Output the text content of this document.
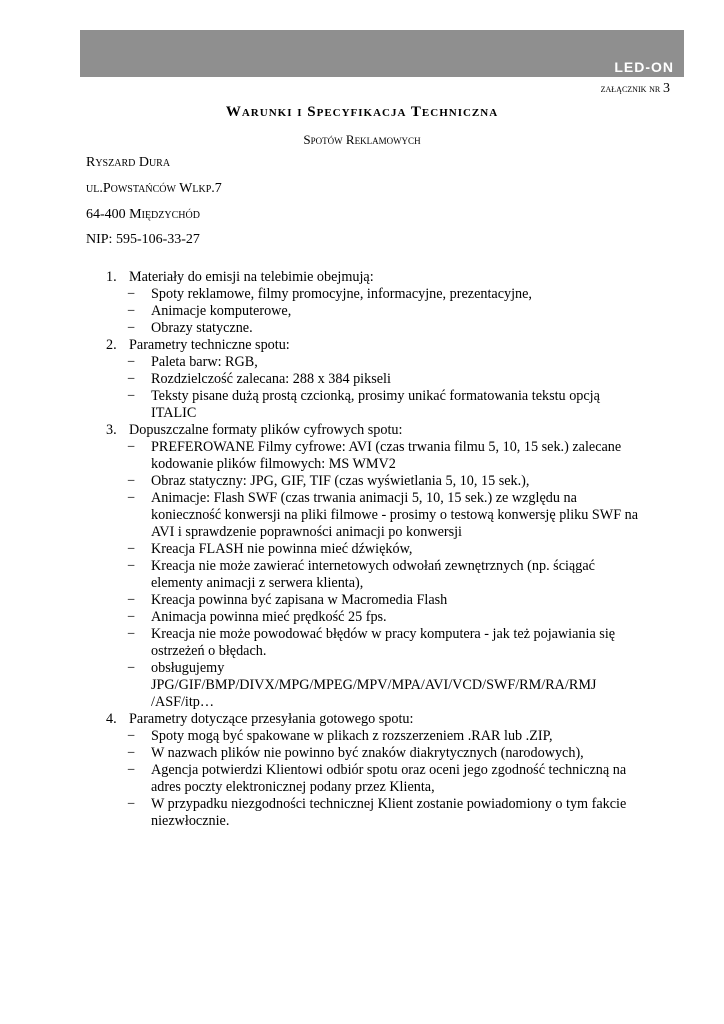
LED-ON
załącznik nr 3
Warunki i Specyfikacja Techniczna
Spotów Reklamowych
Ryszard Dura
ul.Powstańców Wlkp.7
64-400 Międzychód
NIP: 595-106-33-27
1. Materiały do emisji na telebimie obejmują:
− Spoty reklamowe, filmy promocyjne, informacyjne, prezentacyjne,
− Animacje komputerowe,
− Obrazy statyczne.
2. Parametry techniczne spotu:
− Paleta barw: RGB,
− Rozdzielczość zalecana: 288 x 384 pikseli
− Teksty pisane dużą prostą czcionką, prosimy unikać formatowania tekstu opcją ITALIC
3. Dopuszczalne formaty plików cyfrowych spotu:
− PREFEROWANE Filmy cyfrowe: AVI (czas trwania filmu 5, 10, 15 sek.) zalecane kodowanie plików filmowych: MS WMV2
− Obraz statyczny: JPG, GIF, TIF (czas wyświetlania 5, 10, 15 sek.),
− Animacje: Flash SWF (czas trwania animacji 5, 10, 15 sek.) ze względu na konieczność konwersji na pliki filmowe - prosimy o testową konwersję pliku SWF na AVI i sprawdzenie poprawności animacji po konwersji
− Kreacja FLASH nie powinna mieć dźwięków,
− Kreacja nie może zawierać internetowych odwołań zewnętrznych (np. ściągać elementy animacji z serwera klienta),
− Kreacja powinna być zapisana w Macromedia Flash
− Animacja powinna mieć prędkość 25 fps.
− Kreacja nie może powodować błędów w pracy komputera - jak też pojawiania się ostrzeżeń o błędach.
− obsługujemy JPG/GIF/BMP/DIVX/MPG/MPEG/MPV/MPA/AVI/VCD/SWF/RM/RA/RMJ /ASF/itp…
4. Parametry dotyczące przesyłania gotowego spotu:
− Spoty mogą być spakowane w plikach z rozszerzeniem .RAR lub .ZIP,
− W nazwach plików nie powinno być znaków diakrytycznych (narodowych),
− Agencja potwierdzi Klientowi odbiór spotu oraz oceni jego zgodność techniczną na adres poczty elektronicznej podany przez Klienta,
− W przypadku niezgodności technicznej Klient zostanie powiadomiony o tym fakcie niezwłocznie.
